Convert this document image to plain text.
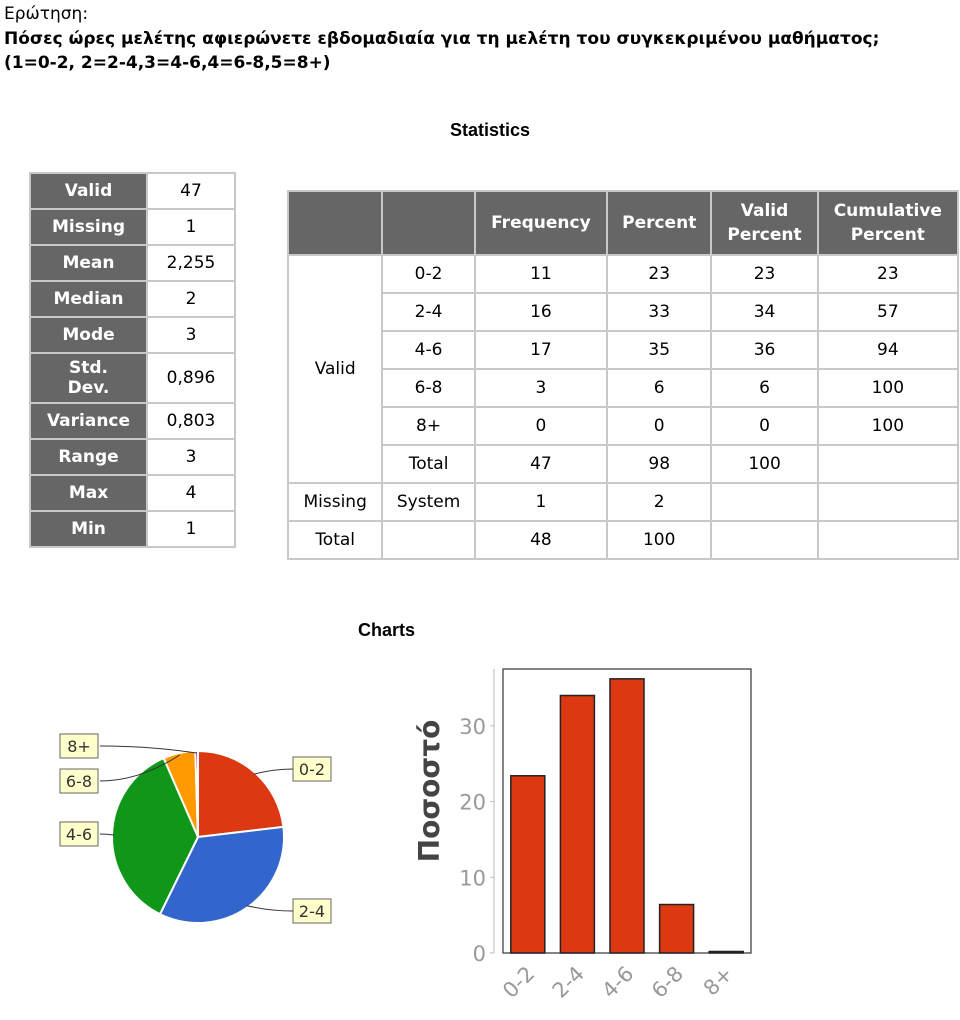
Ερώτηση:
Πόσες ώρες μελέτης αφιερώνετε εβδομαδιαία για τη μελέτη του συγκεκριμένου μαθήματος;
(1=0-2, 2=2-4,3=4-6,4=6-8,5=8+)
Statistics
Valid	47
Missing	1
Mean	2,255
Median	2
Mode	3
Std.
Dev.	0,896
Variance	0,803
Range	3
Max	4
Min	1
		Frequency	Percent	Valid Percent	Cumulative Percent
Valid	0-2	11	23	23	23
	2-4	16	33	34	57
	4-6	17	35	36	94
	6-8	3	6	6	100
	8+	0	0	0	100
	Total	47	98	100	
Missing	System	1	2		
Total		48	100		
Charts
0-2
2-4
4-6
6-8
8+
0
10
20
30
Ποσοστό
0-2 2-4 4-6 6-8 8+
